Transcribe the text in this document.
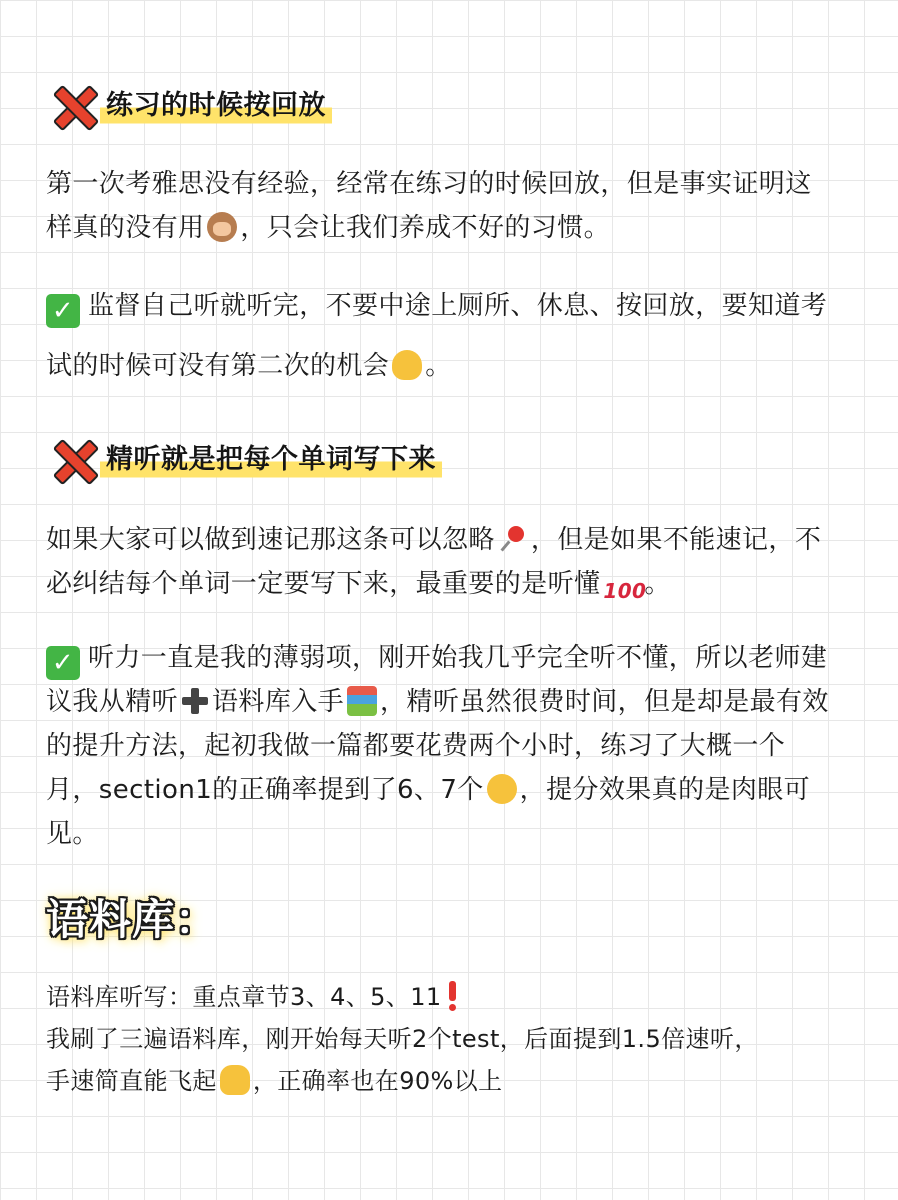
练习的时候按回放

第一次考雅思没有经验，经常在练习的时候回放，但是事实证明这
样真的没有用 ，只会让我们养成不好的习惯。

✓ 监督自己听就听完，不要中途上厕所、休息、按回放，要知道考
试的时候可没有第二次的机会 。

精听就是把每个单词写下来

如果大家可以做到速记那这条可以忽略 ，但是如果不能速记，不
必纠结每个单词一定要写下来，最重要的是听懂 100。

✓ 听力一直是我的薄弱项，刚开始我几乎完全听不懂，所以老师建
议我从精听 语料库入手 ，精听虽然很费时间，但是却是最有效
的提升方法，起初我做一篇都要花费两个小时，练习了大概一个
月，section1的正确率提到了6、7个 ，提分效果真的是肉眼可
见。

语料库：

语料库听写：重点章节3、4、5、11
我刷了三遍语料库，刚开始每天听2个test，后面提到1.5倍速听，
手速简直能飞起 ，正确率也在90%以上
